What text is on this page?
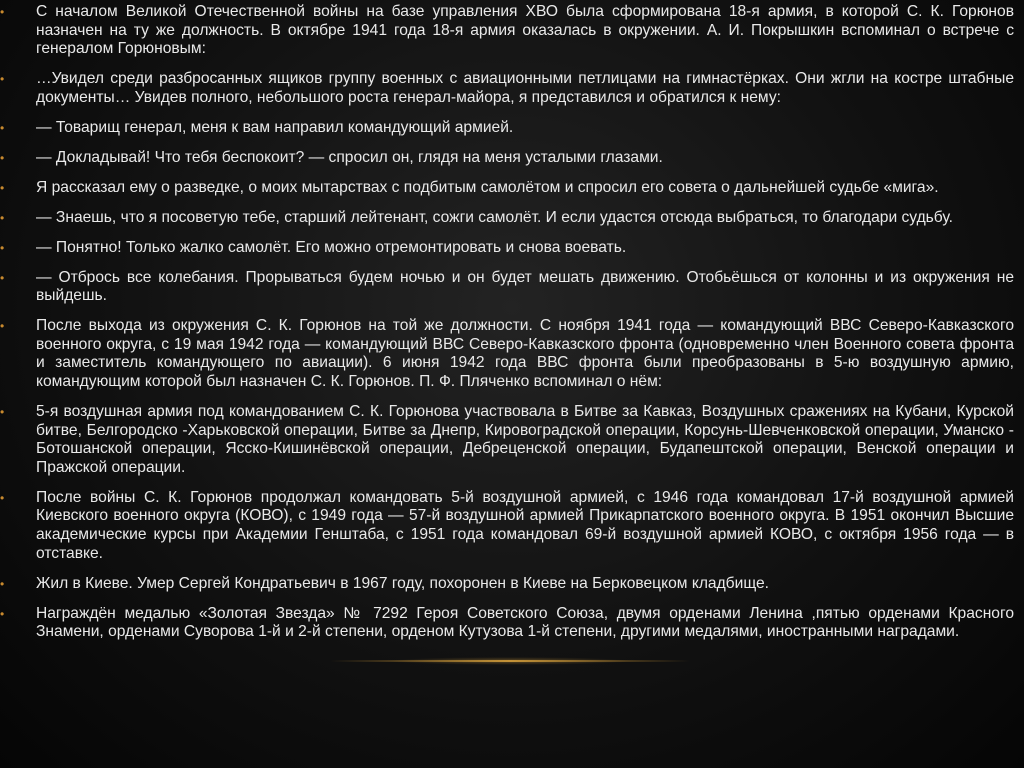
•	С началом Великой Отечественной войны на базе управления ХВО была сформирована 18-я армия, в которой С. К. Горюнов назначен на ту же должность. В октябре 1941 года 18-я армия оказалась в окружении. А. И. Покрышкин вспоминал о встрече с генералом Горюновым:
•	…Увидел среди разбросанных ящиков группу военных с авиационными петлицами на гимнастёрках. Они жгли на костре штабные документы… Увидев полного, небольшого роста генерал-майора, я представился и обратился к нему:
•	— Товарищ генерал, меня к вам направил командующий армией.
•	— Докладывай! Что тебя беспокоит? — спросил он, глядя на меня усталыми глазами.
•	Я рассказал ему о разведке, о моих мытарствах с подбитым самолётом и спросил его совета о дальнейшей судьбе «мига».
•	— Знаешь, что я посоветую тебе, старший лейтенант, сожги самолёт. И если удастся отсюда выбраться, то благодари судьбу.
•	— Понятно! Только жалко самолёт. Его можно отремонтировать и снова воевать.
•	— Отбрось все колебания. Прорываться будем ночью и он будет мешать движению. Отобьёшься от колонны и из окружения не выйдешь.
•	После выхода из окружения С. К. Горюнов на той же должности. С ноября 1941 года — командующий ВВС Северо-Кавказского военного округа, с 19 мая 1942 года — командующий ВВС Северо-Кавказского фронта (одновременно член Военного совета фронта и заместитель командующего по авиации). 6 июня 1942 года ВВС фронта были преобразованы в 5-ю воздушную армию, командующим которой был назначен С. К. Горюнов. П. Ф. Пляченко вспоминал о нём:
•	5-я воздушная армия под командованием С. К. Горюнова участвовала в Битве за Кавказ, Воздушных сражениях на Кубани, Курской битве, Белгородско -Харьковской операции, Битве за Днепр, Кировоградской операции, Корсунь-Шевченковской операции, Уманско - Ботошанской операции, Ясско-Кишинёвской операции, Дебреценской операции, Будапештской операции, Венской операции и Пражской операции.
•	После войны С. К. Горюнов продолжал командовать 5-й воздушной армией, с 1946 года командовал 17-й воздушной армией Киевского военного округа (КОВО), с 1949 года — 57-й воздушной армией Прикарпатского военного округа. В 1951 окончил Высшие академические курсы при Академии Генштаба, с 1951 года командовал 69-й воздушной армией КОВО, с октября 1956 года — в отставке.
•	Жил в Киеве. Умер Сергей Кондратьевич в 1967 году, похоронен в Киеве на Берковецком кладбище.
•	Награждён медалью «Золотая Звезда» № 7292 Героя Советского Союза, двумя орденами Ленина ,пятью орденами Красного Знамени, орденами Суворова 1-й и 2-й степени, орденом Кутузова 1-й степени, другими медалями, иностранными наградами.
